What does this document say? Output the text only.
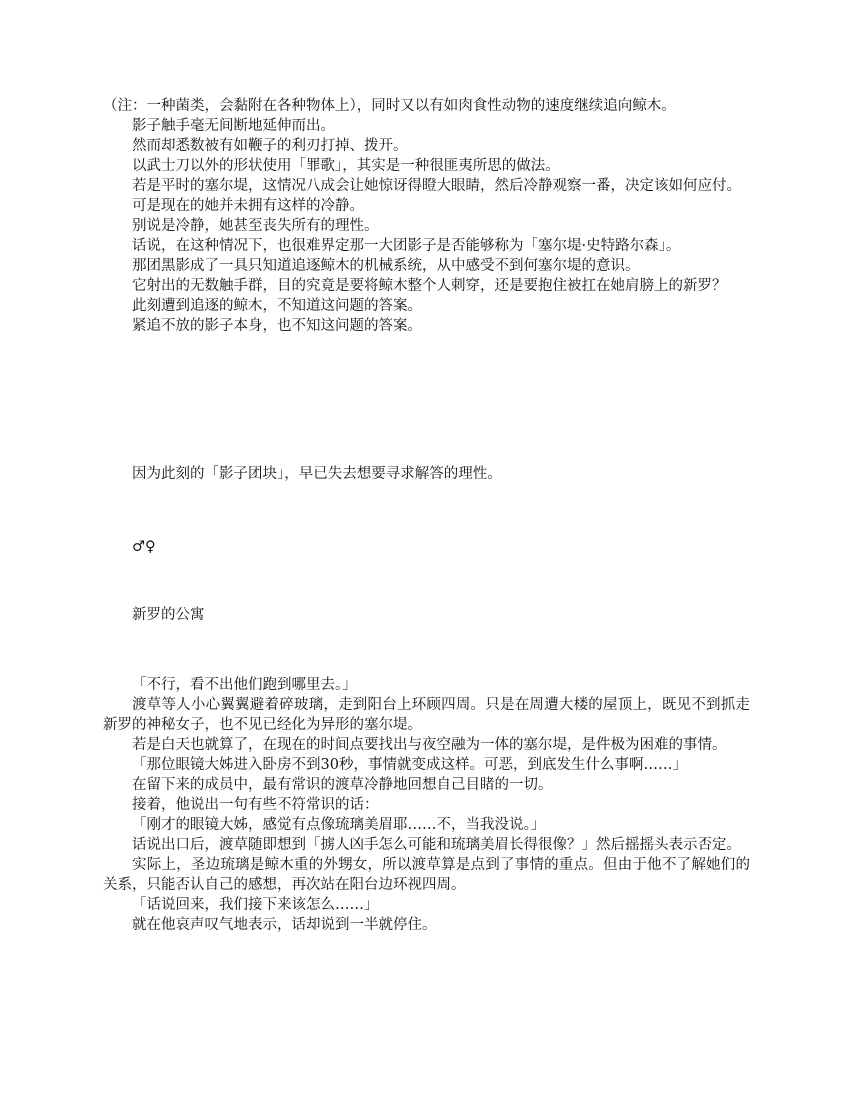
（注：一种菌类，会黏附在各种物体上），同时又以有如肉食性动物的速度继续追向鲸木。

影子触手毫无间断地延伸而出。

然而却悉数被有如鞭子的利刃打掉、拨开。

以武士刀以外的形状使用「罪歌」，其实是一种很匪夷所思的做法。

若是平时的塞尔堤，这情况八成会让她惊讶得瞪大眼睛，然后冷静观察一番，决定该如何应付。

可是现在的她并未拥有这样的冷静。

别说是冷静，她甚至丧失所有的理性。

话说，在这种情况下，也很难界定那一大团影子是否能够称为「塞尔堤·史特路尔森」。

那团黑影成了一具只知道追逐鲸木的机械系统，从中感受不到何塞尔堤的意识。

它射出的无数触手群，目的究竟是要将鲸木整个人刺穿，还是要抱住被扛在她肩膀上的新罗？

此刻遭到追逐的鲸木，不知道这问题的答案。

紧追不放的影子本身，也不知这问题的答案。

因为此刻的「影子团块」，早已失去想要寻求解答的理性。
♂♀
新罗的公寓

「不行，看不出他们跑到哪里去。」

渡草等人小心翼翼避着碎玻璃，走到阳台上环顾四周。只是在周遭大楼的屋顶上，既见不到抓走新罗的神秘女子，也不见已经化为异形的塞尔堤。

若是白天也就算了，在现在的时间点要找出与夜空融为一体的塞尔堤，是件极为困难的事情。

「那位眼镜大姊进入卧房不到30秒，事情就变成这样。可恶，到底发生什么事啊……」

在留下来的成员中，最有常识的渡草冷静地回想自己目睹的一切。

接着，他说出一句有些不符常识的话：

「刚才的眼镜大姊，感觉有点像琉璃美眉耶……不，当我没说。」

话说出口后，渡草随即想到「掳人凶手怎么可能和琉璃美眉长得很像？」然后摇摇头表示否定。

实际上，圣边琉璃是鲸木重的外甥女，所以渡草算是点到了事情的重点。但由于他不了解她们的关系，只能否认自己的感想，再次站在阳台边环视四周。

「话说回来，我们接下来该怎么……」

就在他哀声叹气地表示，话却说到一半就停住。
